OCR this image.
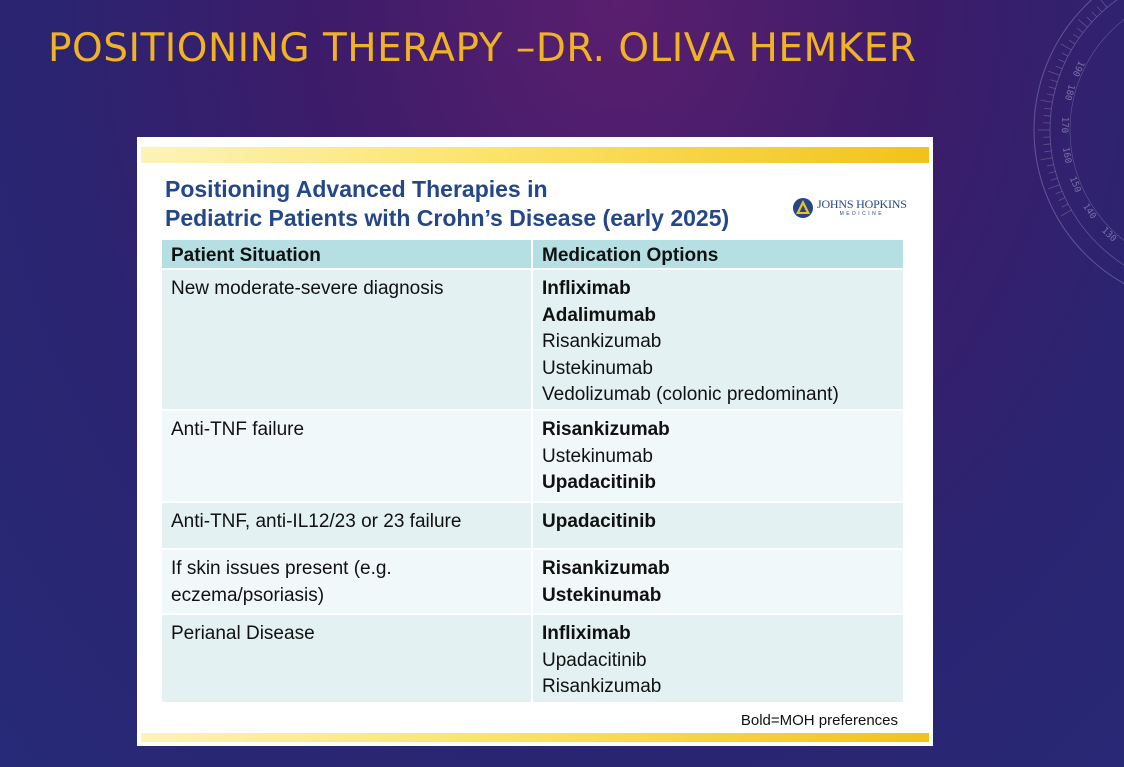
POSITIONING THERAPY –DR. OLIVA HEMKER	190
180
170
160
150
140
130
Positioning Advanced Therapies in
Pediatric Patients with Crohn’s Disease (early 2025)
JOHNS HOPKINS
MEDICINE
Patient Situation	Medication Options
New moderate-severe diagnosis	Infliximab
Adalimumab
Risankizumab
Ustekinumab
Vedolizumab (colonic predominant)

Anti-TNF failure	Risankizumab
Ustekinumab
Upadacitinib

Anti-TNF, anti-IL12/23 or 23 failure	Upadacitinib

If skin issues present (e.g. eczema/psoriasis)	Risankizumab
Ustekinumab

Perianal Disease	Infliximab
Upadacitinib
Risankizumab
Bold=MOH preferences
